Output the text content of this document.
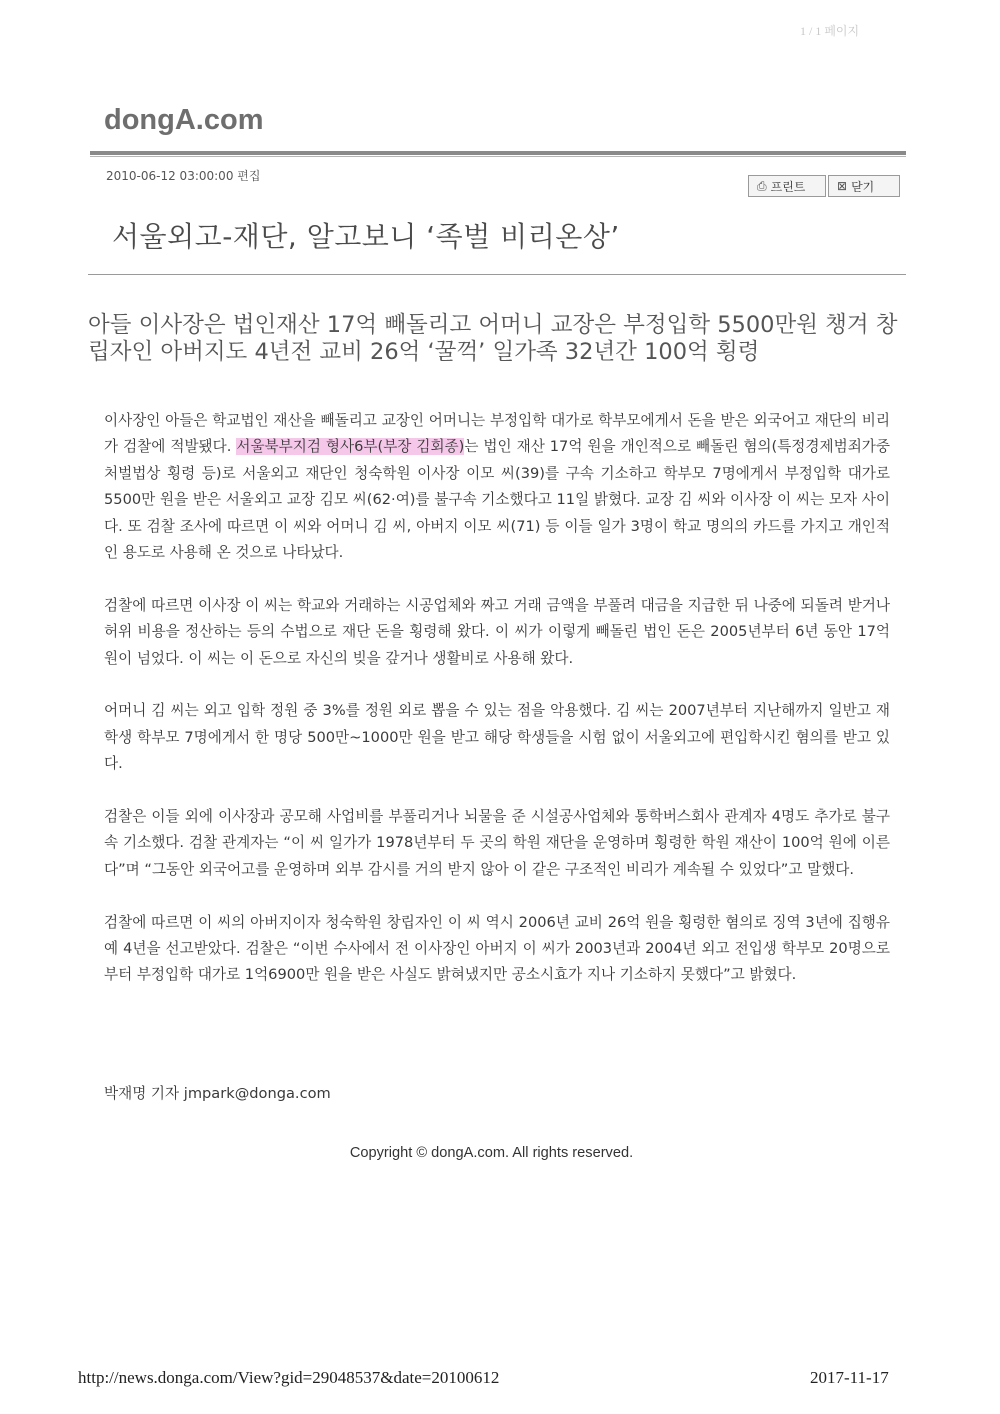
1 / 1 페이지
dongA.com
2010-06-12 03:00:00 편집
⎙ 프린트	⊠ 닫기
서울외고-재단, 알고보니 ‘족벌 비리온상’
아들 이사장은 법인재산 17억 빼돌리고 어머니 교장은 부정입학 5500만원 챙겨 창립자인 아버지도 4년전 교비 26억 ‘꿀꺽’ 일가족 32년간 100억 횡령

이사장인 아들은 학교법인 재산을 빼돌리고 교장인 어머니는 부정입학 대가로 학부모에게서 돈을 받은 외국어고 재단의 비리가 검찰에 적발됐다. 서울북부지검 형사6부(부장 김회종)는 법인 재산 17억 원을 개인적으로 빼돌린 혐의(특정경제범죄가중처벌법상 횡령 등)로 서울외고 재단인 청숙학원 이사장 이모 씨(39)를 구속 기소하고 학부모 7명에게서 부정입학 대가로 5500만 원을 받은 서울외고 교장 김모 씨(62·여)를 불구속 기소했다고 11일 밝혔다. 교장 김 씨와 이사장 이 씨는 모자 사이다. 또 검찰 조사에 따르면 이 씨와 어머니 김 씨, 아버지 이모 씨(71) 등 이들 일가 3명이 학교 명의의 카드를 가지고 개인적인 용도로 사용해 온 것으로 나타났다.

검찰에 따르면 이사장 이 씨는 학교와 거래하는 시공업체와 짜고 거래 금액을 부풀려 대금을 지급한 뒤 나중에 되돌려 받거나 허위 비용을 정산하는 등의 수법으로 재단 돈을 횡령해 왔다. 이 씨가 이렇게 빼돌린 법인 돈은 2005년부터 6년 동안 17억 원이 넘었다. 이 씨는 이 돈으로 자신의 빚을 갚거나 생활비로 사용해 왔다.

어머니 김 씨는 외고 입학 정원 중 3%를 정원 외로 뽑을 수 있는 점을 악용했다. 김 씨는 2007년부터 지난해까지 일반고 재학생 학부모 7명에게서 한 명당 500만∼1000만 원을 받고 해당 학생들을 시험 없이 서울외고에 편입학시킨 혐의를 받고 있다.

검찰은 이들 외에 이사장과 공모해 사업비를 부풀리거나 뇌물을 준 시설공사업체와 통학버스회사 관계자 4명도 추가로 불구속 기소했다. 검찰 관계자는 “이 씨 일가가 1978년부터 두 곳의 학원 재단을 운영하며 횡령한 학원 재산이 100억 원에 이른다”며 “그동안 외국어고를 운영하며 외부 감시를 거의 받지 않아 이 같은 구조적인 비리가 계속될 수 있었다”고 말했다.

검찰에 따르면 이 씨의 아버지이자 청숙학원 창립자인 이 씨 역시 2006년 교비 26억 원을 횡령한 혐의로 징역 3년에 집행유예 4년을 선고받았다. 검찰은 “이번 수사에서 전 이사장인 아버지 이 씨가 2003년과 2004년 외고 전입생 학부모 20명으로부터 부정입학 대가로 1억6900만 원을 받은 사실도 밝혀냈지만 공소시효가 지나 기소하지 못했다”고 밝혔다.

박재명 기자 jmpark@donga.com
Copyright © dongA.com. All rights reserved.
http://news.donga.com/View?gid=29048537&date=20100612	2017-11-17
